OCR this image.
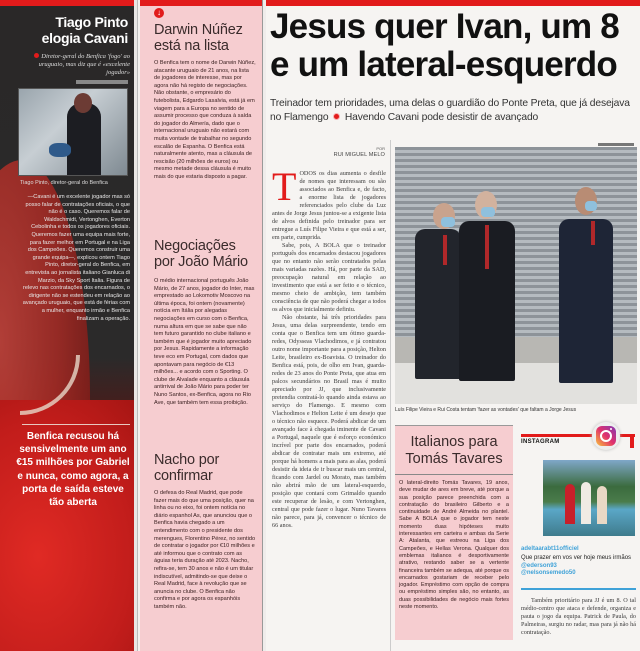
Tiago Pinto elogia Cavani
Diretor-geral do Benfica 'fogo' ao uruguaio, mas diz que é «excelente jogador»
Tiago Pinto, diretor-geral do Benfica
—Cavani é um excelente jogador mas só posso falar de contratações oficiais, o que não é o caso. Queremos falar de Waldschmidt, Vertonghen, Everton Cebolinha e todos os jogadores oficiais. Queremos fazer uma equipa mais forte, para fazer melhor em Portugal e na Liga dos Campeões. Queremos construir uma grande equipa—, explicou ontem Tiago Pinto, diretor-geral do Benfica, em entrevista ao jornalista italiano Gianluca di Marzio, da Sky Sport Italia. Figura de relevo nas contratações dos encarnados, o dirigente não se estendeu em relação ao avançado uruguaio, que está de férias com a mulher, enquanto irmão e Benfica finalizam a operação.
Benfica recusou há sensivelmente um ano €15 milhões por Gabriel e nunca, como agora, a porta de saída esteve tão aberta
↓
Darwin Núñez está na lista
O Benfica tem o nome de Darwin Núñez, atacante uruguaio de 21 anos, na lista de jogadores de interesse, mas por agora não há registo de negociações. Não obstante, o empresário do futebolista, Edgardo Lasalvia, está já em viagem para a Europa no sentido de assumir processo que conduza à saída do jogador do Almería, dado que o internacional uruguaio não estará com muita vontade de trabalhar no segundo escalão de Espanha. O Benfica está naturalmente atento, mas a cláusula de rescisão (20 milhões de euros) ou mesmo metade dessa cláusula é muito mais do que estaria disposto a pagar.
Negociações por João Mário
O médio internacional português João Mário, de 27 anos, jogador do Inter, mas emprestado ao Lokomotiv Moscovo na última época, foi ontem (novamente) notícia em Itália por alegadas negociações em curso com o Benfica, numa altura em que se sabe que não tem futuro garantido no clube italiano e também que é jogador muito apreciado por Jesus. Rapidamente a informação teve eco em Portugal, com dados que apontavam para negócio de €13 milhões... e acordo com o Sporting. O clube de Alvalade enquanto a cláusula antirrival de João Mário para poder ter Nuno Santos, ex-Benfica, agora no Rio Ave, que também tem essa proibição.
Nacho por confirmar
O defesa do Real Madrid, que pode fazer mais do que uma posição, quer na linha ou no eixo, foi ontem notícia no diário espanhol As, que anunciou que o Benfica havia chegado a um entendimento com o presidente dos merengues, Florentino Pérez, no sentido de contratar o jogador por €10 milhões e até informou que o contrato com as águias teria duração até 2023. Nacho, refira-se, tem 30 anos e não é um titular indiscutível, admitindo-se que deixe o Real Madrid, face à revolução que se anuncia no clube. O Benfica não confirma e por agora os espanhóis também não.
Jesus quer Ivan, um 8 e um lateral-esquerdo
Treinador tem prioridades, uma delas o guardião do Ponte Preta, que já desejava no Flamengo Havendo Cavani pode desistir de avançado
POR
RUI MIGUEL MELO
T ODOS os dias aumenta o desfile de nomes que interessam ou são associados ao Benfica e, de facto, a enorme lista de jogadores referenciados pelo clube da Luz antes de Jorge Jesus juntou-se a exigente lista de alvos definida pelo treinador para ser entregue a Luís Filipe Vieira e que está a ser, em parte, cumprida.

Sabe, pois, A BOLA que o treinador português dos encarnados destacou jogadores que no entanto não serão contratados pelas mais variadas razões. Há, por parte da SAD, preocupação natural em relação ao investimento que está a ser feito e o técnico, mesmo cheio de ambição, tem também consciência de que não poderá chegar a todos os alvos que inicialmente definiu.

Não obstante, há três prioridades para Jesus, uma delas surpreendente, tendo em conta que o Benfica tem um ótimo guarda-redes, Odysseas Vlachodimos, e já contratou outro nome importante para a posição, Helton Leite, brasileiro ex-Boavista. O treinador do Benfica está, pois, de olho em Ivan, guarda-redes de 23 anos do Ponte Preta, que atua em palcos secundários no Brasil mas é muito apreciado por JJ, que inclusivamente pretendia contratá-lo quando ainda estava ao serviço do Flamengo. E mesmo com Vlachodimos e Helton Leite é um desejo que o técnico não esquece. Poderá abdicar de um avançado face à chegada iminente de Cavani a Portugal, naquele que é esforço económico incrível por parte dos encarnados, poderá abdicar de contratar mais um extremo, até porque há homens a mais para as alas, poderá desistir da ideia de ir buscar mais um central, ficando com Jardel ou Morato, mas também não abrirá mão de um lateral-esquerdo, posição que contará com Grimaldo quando este recuperar de lesão, e com Vertonghen, central que pode fazer o lugar. Nuno Tavares não parece, para já, convencer o técnico de 66 anos.

Luís Filipe Vieira e Rui Costa tentam 'fazer as vontades' que faltam a Jorge Jesus
Italianos para Tomás Tavares
O lateral-direito Tomás Tavares, 19 anos, deve mudar de ares em breve, até porque a sua posição parece preenchida com a contratação do brasileiro Gilberto e a continuidade de André Almeida no plantel. Sabe A BOLA que o jogador tem neste momento duas hipóteses muito interessantes em carteira e ambas da Serie A: Atalanta, que estreou na Liga dos Campeões, e Hellas Verona. Qualquer dos emblemas italianos é desportivamente atrativo, restando saber se a vertente financeira também se adequa, até porque os encarnados gostariam de receber pelo jogador. Empréstimo com opção de compra ou empréstimo simples são, no entanto, as duas possibilidades de negócio mais fortes neste momento.
INSTAGRAM
adeltaarabt11officiel
Que prazer em vos ver hoje meus irmãos
@ederson93
@nelsonsemedo50
Também prioritário para JJ é um 8. O tal médio-centro que ataca e defende, organiza e pauta o jogo da equipa. Patrick de Paula, do Palmeiras, surgiu no radar, mas para já não há contratação.
